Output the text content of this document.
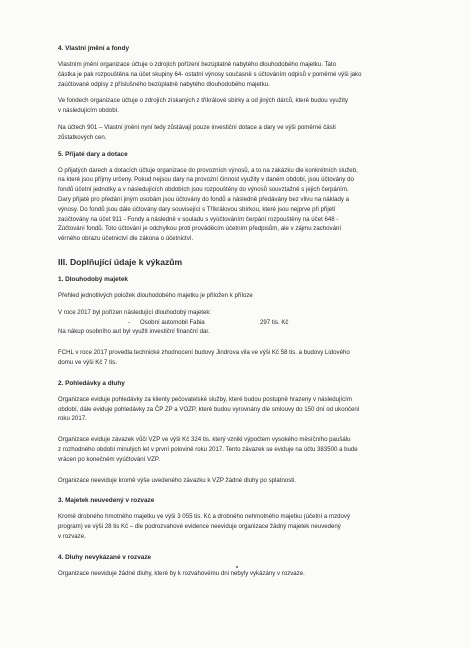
4. Vlastní jmění a fondy

Vlastním jmění organizace účtuje o zdrojích pořízení bezúplatně nabytého dlouhodobého majetku. Tato
částka je pak rozpouštěna na účet skupiny 64- ostatní výnosy současně s účtováním odpisů v poměrné výši jako
zaúčtované odpisy z příslušného bezúplatně nabytého dlouhodobého majetku.

Ve fondech organizace účtuje o zdrojích získaných z tříkrálové sbírky a od jiných dárců, které budou využity
v následujícím období.

Na účtech 901 – Vlastní jmění nyní tedy zůstávají pouze investiční dotace a dary ve výši poměrné části
zůstatkových cen.

5. Přijaté dary a dotace

O přijatých darech a dotacích účtuje organizace do provozních výnosů, a to na zakázku dle konkrétních služeb,
na které jsou příjmy určeny. Pokud nejsou dary na provozní činnost využity v daném období, jsou účtovány do
fondů účetní jednotky a v následujících obdobích jsou rozpouštěny do výnosů souvztažně s jejich čerpáním.
Dary přijaté pro předání jiným osobám jsou účtovány do fondů a následně předávány bez vlivu na náklady a
výnosy. Do fondů jsou dále účtovány dary související s Tříkrálovou sbírkou, které jsou nejprve při přijetí
zaúčtovány na účet 911 - Fondy a následně v souladu s vyúčtováním čerpání rozpouštěny na účet 648 -
Zúčtování fondů. Toto účtování je odchylkou proti prováděcím účetním předpisům, ale v zájmu zachování
věrného obrazu účetnictví dle zákona o účetnictví.

III. Doplňující údaje k výkazům

1. Dlouhodobý majetek

Přehled jednotlivých položek dlouhodobého majetku je přiložen k příloze

V roce 2017 byl pořízen následující dlouhodobý majetek:

-	Osobní automobil Fabia	297 tis. Kč

Na nákup osobního aut byl využit investiční finanční dar.

FCHL v roce 2017 provedla technické zhodnocení budovy Jindrova vila ve výši Kč 58 tis. a budovy Lidového
domu ve výši Kč 7 tis.

2. Pohledávky a dluhy

Organizace eviduje pohledávky za klienty pečovatelské služby, které budou postupně hrazeny v následujícím
období, dále eviduje pohledávky za ČP ZP a VOZP, které budou vyrovnány dle smlouvy do 150 dní od ukončení
roku 2017.

Organizace eviduje závazek vůči VZP ve výši Kč 324 tis. který vznikl výpočtem vysokého měsíčního paušálu
z rozhodného období minulých let v první polovině roku 2017. Tento závazek se eviduje na účtu 383500 a bude
vrácen po konečném vyúčtování VZP.

Organizace neeviduje kromě výše uvedeného závazku k VZP žádné dluhy po splatnosti.

3. Majetek neuvedený v rozvaze

Kromě drobného hmotného majetku ve výši 3 055 tis. Kč a drobného nehmotného majetku (účetní a mzdový
program) ve výši 28 tis Kč – dle podrozvahové evidence neeviduje organizace žádný majetek neuvedený
v rozvaze.

4. Dluhy nevykázané v rozvaze

Organizace neeviduje žádné dluhy, které by k rozvahovému dni nebyly vykázány v rozvaze.
